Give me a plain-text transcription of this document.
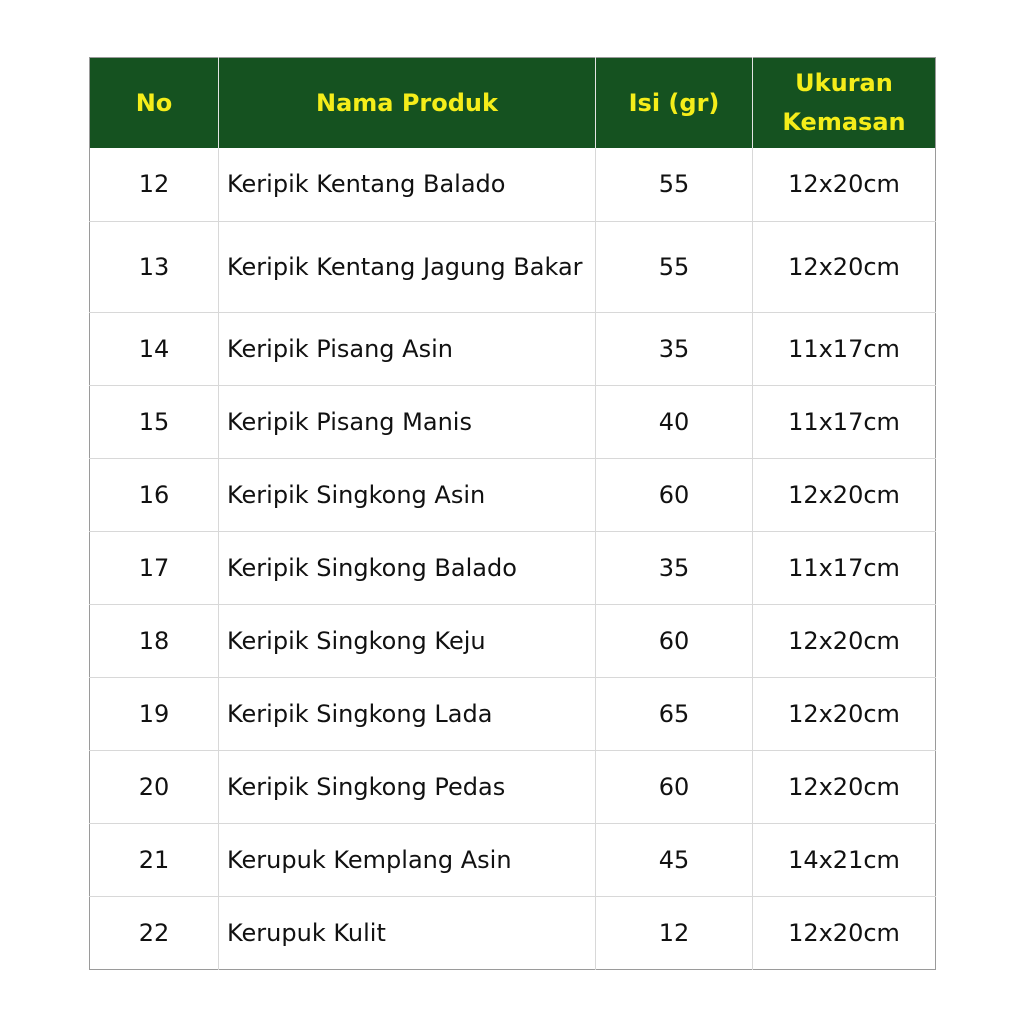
No	Nama Produk	Isi (gr)	Ukuran Kemasan
12	Keripik Kentang Balado	55	12x20cm
13	Keripik Kentang Jagung Bakar	55	12x20cm
14	Keripik Pisang Asin	35	11x17cm
15	Keripik Pisang Manis	40	11x17cm
16	Keripik Singkong Asin	60	12x20cm
17	Keripik Singkong Balado	35	11x17cm
18	Keripik Singkong Keju	60	12x20cm
19	Keripik Singkong Lada	65	12x20cm
20	Keripik Singkong Pedas	60	12x20cm
21	Kerupuk Kemplang Asin	45	14x21cm
22	Kerupuk Kulit	12	12x20cm
